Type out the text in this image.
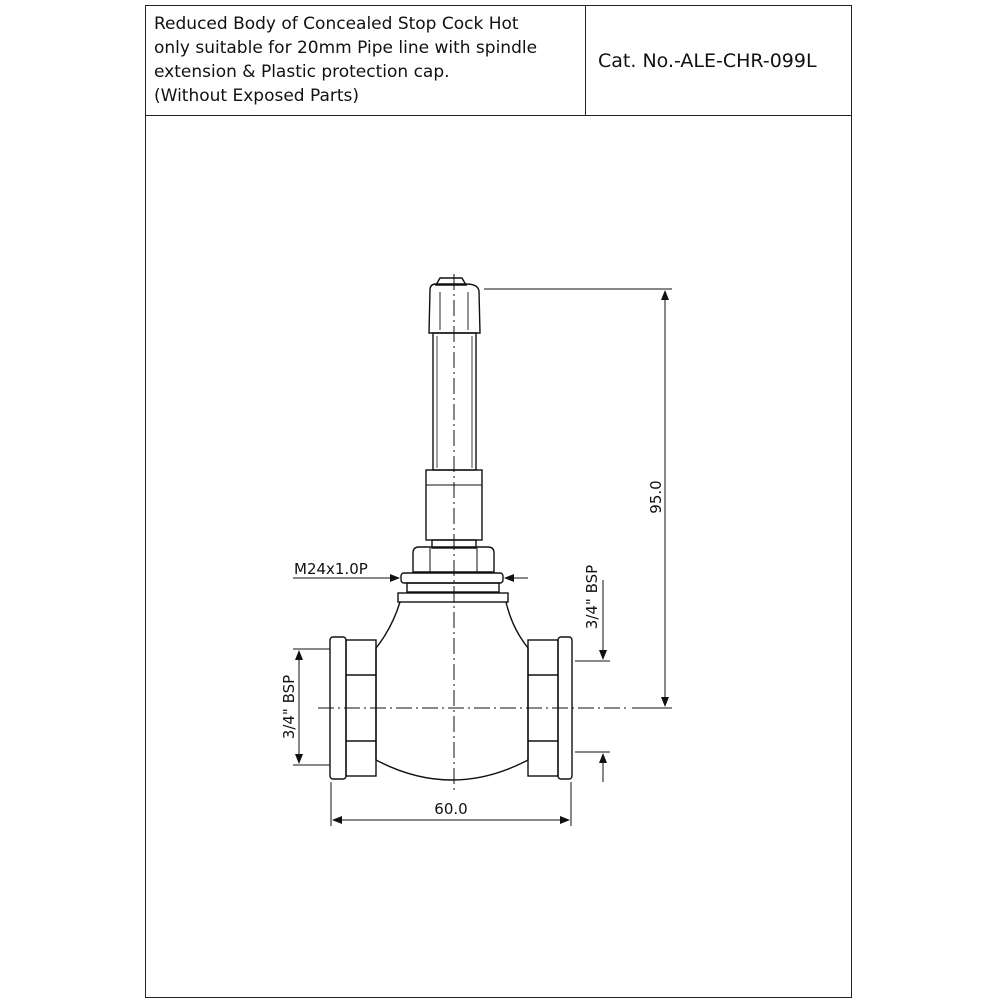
Reduced Body of Concealed Stop Cock Hot
only suitable for 20mm Pipe line with spindle
extension & Plastic protection cap.
(Without Exposed Parts)
Cat. No.-ALE-CHR-099L
95.0
60.0
M24x1.0P	3/4" BSP
3/4" BSP
